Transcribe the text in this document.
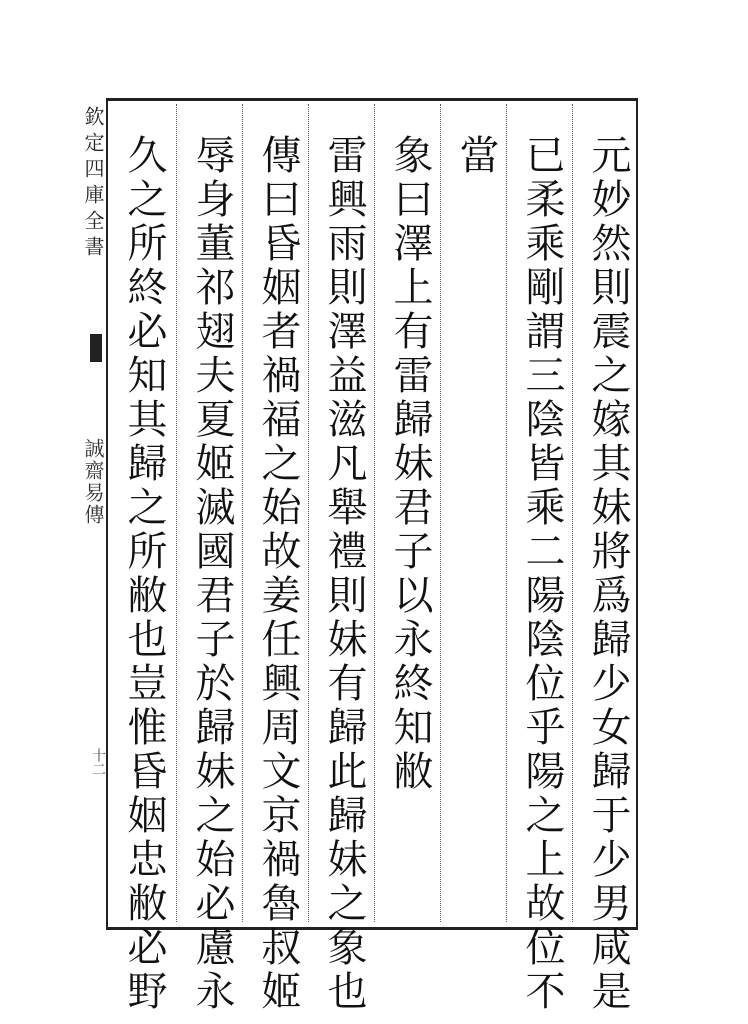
欽定四庫全書
誠齋易傳
十二	元妙然則震之嫁其妹將爲歸少女歸于少男咸是
已柔乘剛謂三陰皆乘二陽陰位乎陽之上故位不
當
象曰澤上有雷歸妹君子以永終知敝
雷興雨則澤益滋凡舉禮則妹有歸此歸妹之象也
傳曰昏姻者禍福之始故姜任興周文京禍魯叔姬
辱身董祁翅夫夏姬滅國君子於歸妹之始必慮永
久之所終必知其歸之所敝也豈惟昏姻忠敝必野
